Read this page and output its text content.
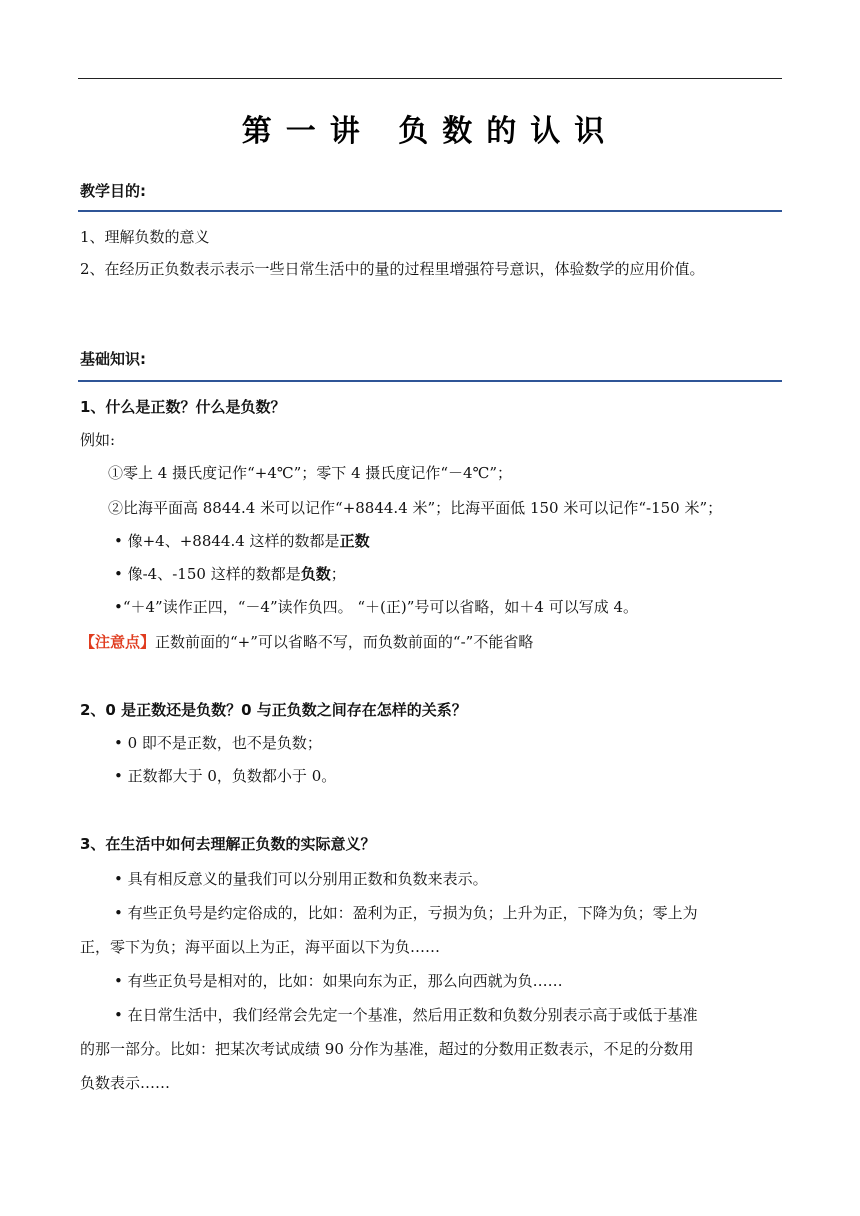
第一讲 负数的认识
教学目的:
1、理解负数的意义
2、在经历正负数表示表示一些日常生活中的量的过程里增强符号意识，体验数学的应用价值。
基础知识:
1、什么是正数？什么是负数？
例如:
①零上 4 摄氏度记作“+4℃”；零下 4 摄氏度记作“－4℃”；
②比海平面高 8844.4 米可以记作“+8844.4 米”；比海平面低 150 米可以记作“-150 米”；
• 像+4、+8844.4 这样的数都是正数
• 像-4、-150 这样的数都是负数；
•“＋4”读作正四，“－4”读作负四。 “＋(正)”号可以省略，如＋4 可以写成 4。
【注意点】正数前面的“+”可以省略不写，而负数前面的“-”不能省略
2、0 是正数还是负数？0 与正负数之间存在怎样的关系？
• 0 即不是正数，也不是负数；
• 正数都大于 0，负数都小于 0。
3、在生活中如何去理解正负数的实际意义？
• 具有相反意义的量我们可以分别用正数和负数来表示。
• 有些正负号是约定俗成的，比如：盈利为正，亏损为负；上升为正，下降为负；零上为
正，零下为负；海平面以上为正，海平面以下为负……
• 有些正负号是相对的，比如：如果向东为正，那么向西就为负……
• 在日常生活中，我们经常会先定一个基准，然后用正数和负数分别表示高于或低于基准
的那一部分。比如：把某次考试成绩 90 分作为基准，超过的分数用正数表示，不足的分数用
负数表示……
